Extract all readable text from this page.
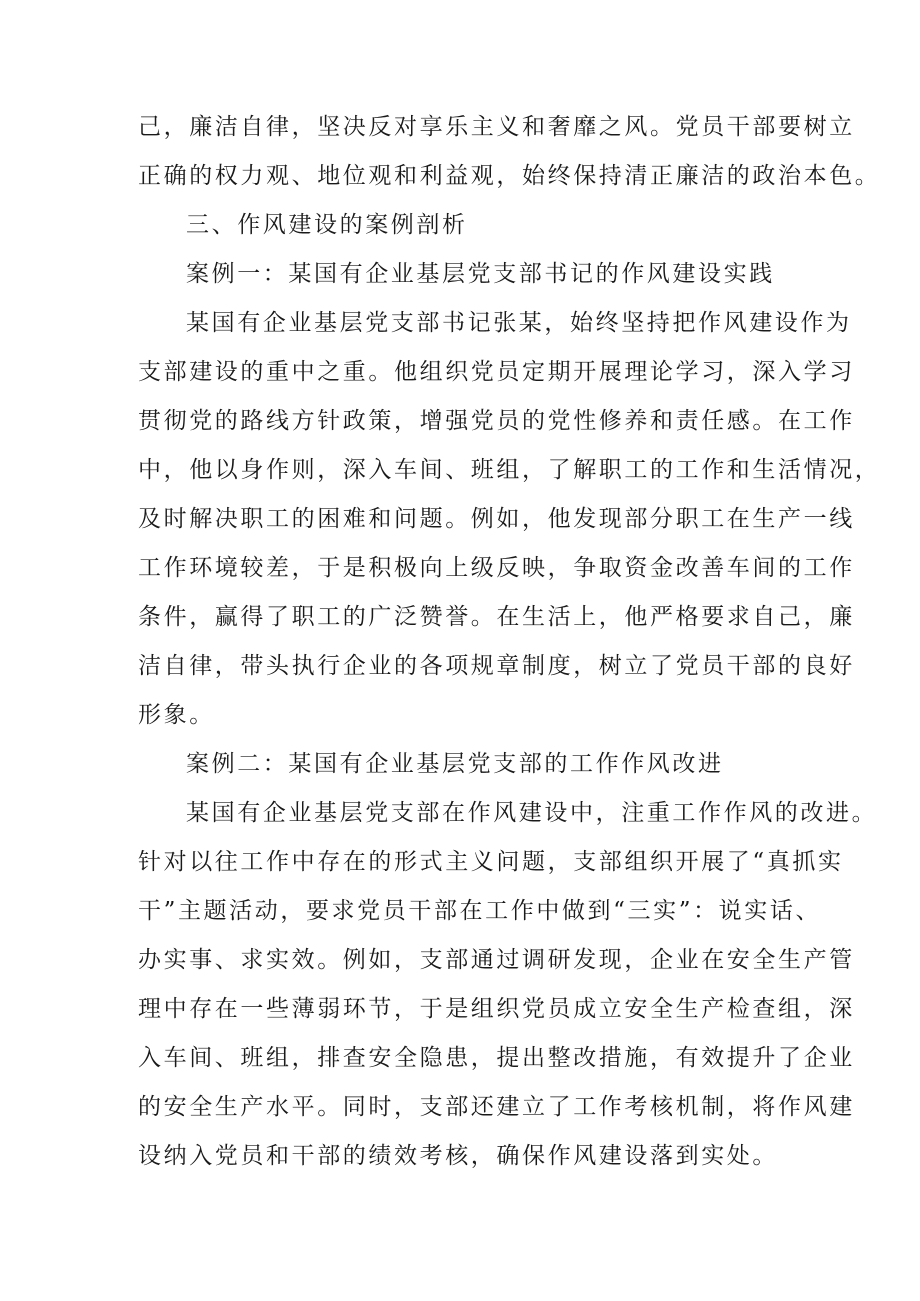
己，廉洁自律，坚决反对享乐主义和奢靡之风。党员干部要树立
正确的权力观、地位观和利益观，始终保持清正廉洁的政治本色。
三、作风建设的案例剖析
案例一：某国有企业基层党支部书记的作风建设实践
某国有企业基层党支部书记张某，始终坚持把作风建设作为
支部建设的重中之重。他组织党员定期开展理论学习，深入学习
贯彻党的路线方针政策，增强党员的党性修养和责任感。在工作
中，他以身作则，深入车间、班组，了解职工的工作和生活情况，
及时解决职工的困难和问题。例如，他发现部分职工在生产一线
工作环境较差，于是积极向上级反映，争取资金改善车间的工作
条件，赢得了职工的广泛赞誉。在生活上，他严格要求自己，廉
洁自律，带头执行企业的各项规章制度，树立了党员干部的良好
形象。
案例二：某国有企业基层党支部的工作作风改进
某国有企业基层党支部在作风建设中，注重工作作风的改进。
针对以往工作中存在的形式主义问题，支部组织开展了“真抓实
干”主题活动，要求党员干部在工作中做到“三实”：说实话、
办实事、求实效。例如，支部通过调研发现，企业在安全生产管
理中存在一些薄弱环节，于是组织党员成立安全生产检查组，深
入车间、班组，排查安全隐患，提出整改措施，有效提升了企业
的安全生产水平。同时，支部还建立了工作考核机制，将作风建
设纳入党员和干部的绩效考核，确保作风建设落到实处。
